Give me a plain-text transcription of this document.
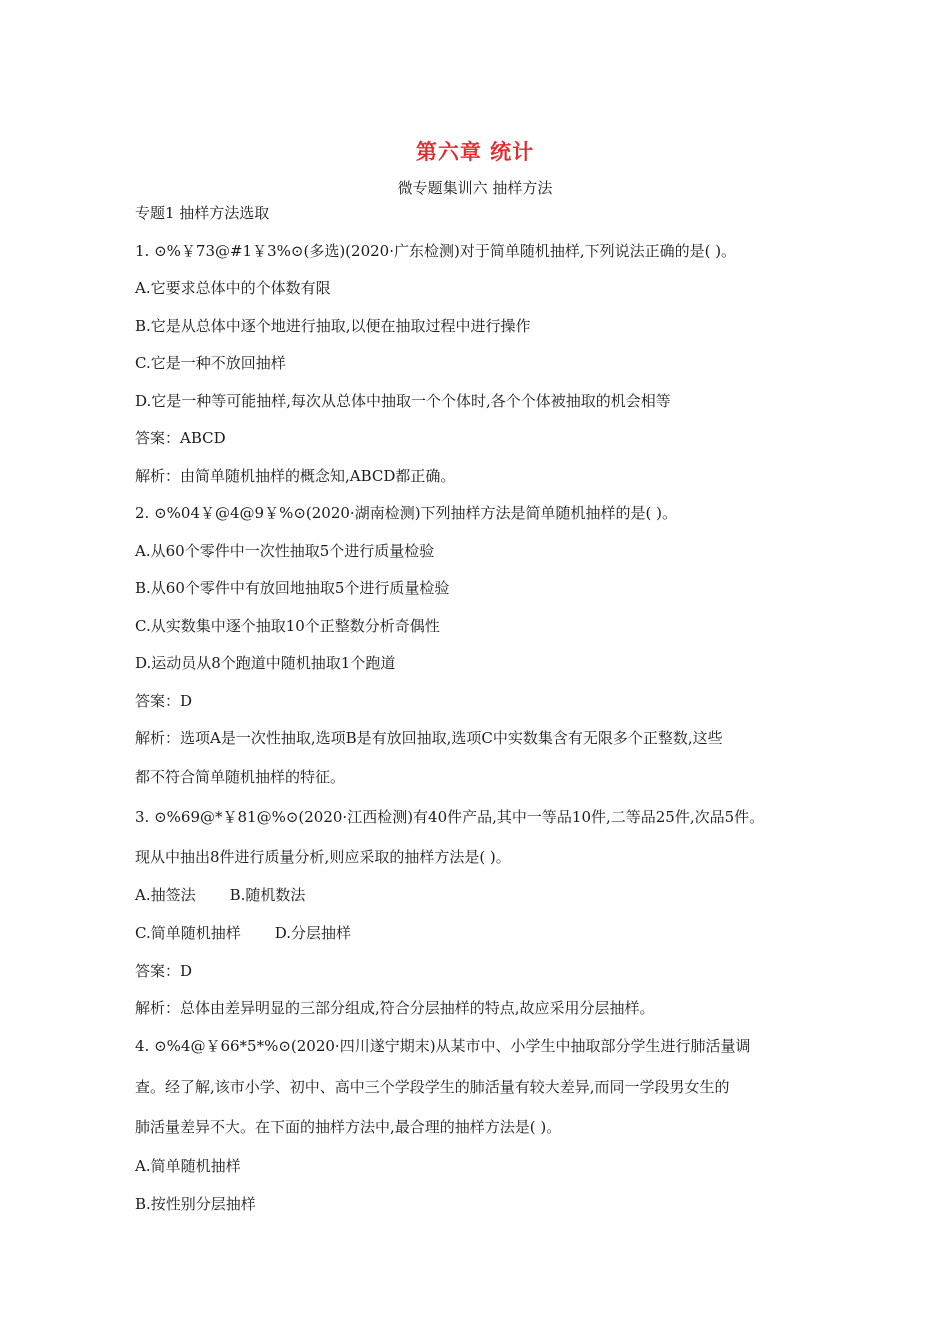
第六章 统计
微专题集训六 抽样方法
专题1 抽样方法选取
1. ⊙%￥73@#1￥3%⊙(多选)(2020·广东检测)对于简单随机抽样,下列说法正确的是( )。
A.它要求总体中的个体数有限
B.它是从总体中逐个地进行抽取,以便在抽取过程中进行操作
C.它是一种不放回抽样
D.它是一种等可能抽样,每次从总体中抽取一个个体时,各个个体被抽取的机会相等
答案：ABCD
解析：由简单随机抽样的概念知,ABCD都正确。
2. ⊙%04￥@4@9￥%⊙(2020·湖南检测)下列抽样方法是简单随机抽样的是( )。
A.从60个零件中一次性抽取5个进行质量检验
B.从60个零件中有放回地抽取5个进行质量检验
C.从实数集中逐个抽取10个正整数分析奇偶性
D.运动员从8个跑道中随机抽取1个跑道
答案：D
解析：选项A是一次性抽取,选项B是有放回抽取,选项C中实数集含有无限多个正整数,这些
都不符合简单随机抽样的特征。
3. ⊙%69@*￥81@%⊙(2020·江西检测)有40件产品,其中一等品10件,二等品25件,次品5件。
现从中抽出8件进行质量分析,则应采取的抽样方法是( )。
A.抽签法 B.随机数法
C.简单随机抽样 D.分层抽样
答案：D
解析：总体由差异明显的三部分组成,符合分层抽样的特点,故应采用分层抽样。
4. ⊙%4@￥66*5*%⊙(2020·四川遂宁期末)从某市中、小学生中抽取部分学生进行肺活量调
查。经了解,该市小学、初中、高中三个学段学生的肺活量有较大差异,而同一学段男女生的
肺活量差异不大。在下面的抽样方法中,最合理的抽样方法是( )。
A.简单随机抽样
B.按性别分层抽样
